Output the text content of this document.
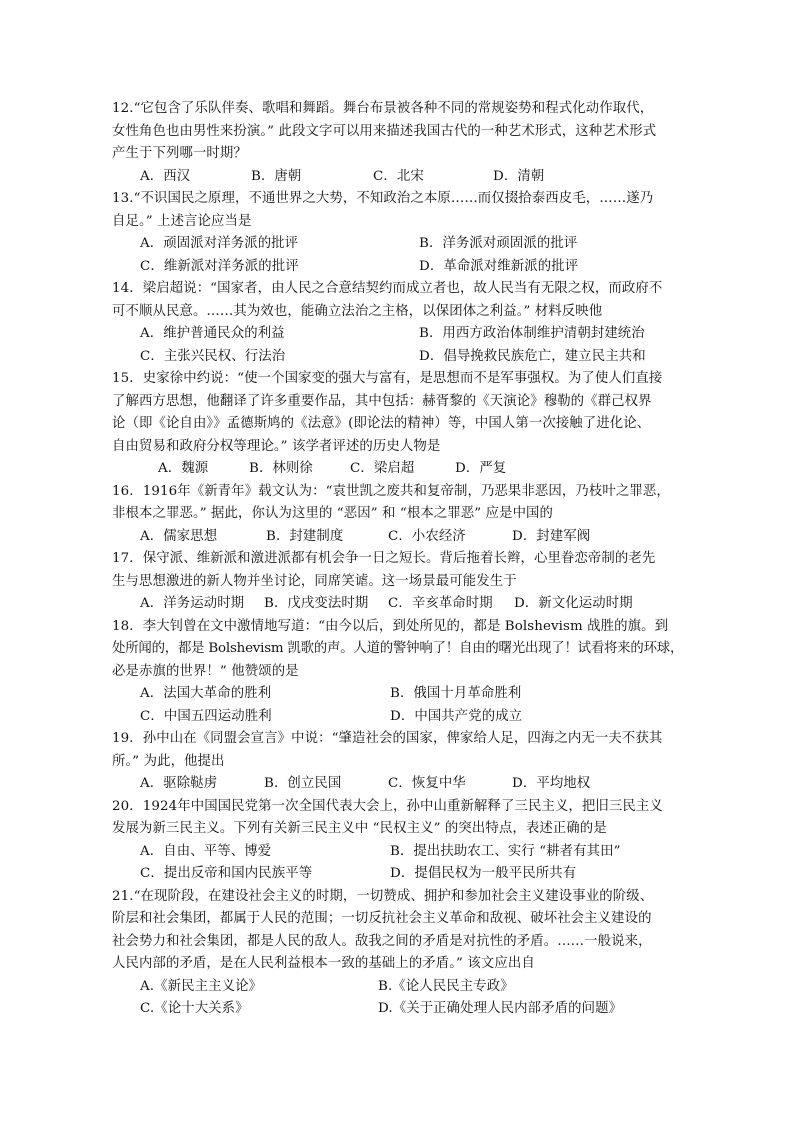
12.“它包含了乐队伴奏、歌唱和舞蹈。舞台布景被各种不同的常规姿势和程式化动作取代，
女性角色也由男性来扮演。” 此段文字可以用来描述我国古代的一种艺术形式，这种艺术形式
产生于下列哪一时期？
A．西汉	B．唐朝	C．北宋	D．清朝
13.“不识国民之原理，不通世界之大势，不知政治之本原……而仅掇拾泰西皮毛，……遂乃
自足。” 上述言论应当是
A．顽固派对洋务派的批评	B．洋务派对顽固派的批评
C．维新派对洋务派的批评	D．革命派对维新派的批评
14．梁启超说：“国家者，由人民之合意结契约而成立者也，故人民当有无限之权，而政府不
可不顺从民意。……其为效也，能确立法治之主格，以保团体之利益。” 材料反映他
A．维护普通民众的利益	B．用西方政治体制维护清朝封建统治
C．主张兴民权、行法治	D．倡导挽救民族危亡，建立民主共和
15．史家徐中约说：“使一个国家变的强大与富有，是思想而不是军事强权。为了使人们直接
了解西方思想，他翻译了许多重要作品，其中包括：赫胥黎的《天演论》穆勒的《群己权界
论（即《论自由》》孟德斯鸠的《法意》(即论法的精神）等，中国人第一次接触了进化论、
自由贸易和政府分权等理论。” 该学者评述的历史人物是
A．魏源	B．林则徐	C．梁启超	D．严复
16．1916年《新青年》载文认为：“袁世凯之废共和复帝制，乃恶果非恶因，乃枝叶之罪恶，
非根本之罪恶。” 据此，你认为这里的 “恶因” 和 “根本之罪恶” 应是中国的
A．儒家思想	B．封建制度	C．小农经济	D．封建军阀
17．保守派、维新派和激进派都有机会争一日之短长。背后拖着长辫，心里眷恋帝制的老先
生与思想激进的新人物并坐讨论，同席笑谑。这一场景最可能发生于
A．洋务运动时期	B．戊戌变法时期	C．辛亥革命时期	D．新文化运动时期
18．李大钊曾在文中激情地写道：“由今以后，到处所见的，都是 Bolshevism 战胜的旗。到
处所闻的，都是 Bolshevism 凯歌的声。人道的警钟响了！自由的曙光出现了！试看将来的环球，
必是赤旗的世界！” 他赞颂的是
A．法国大革命的胜利	B．俄国十月革命胜利
C．中国五四运动胜利	D．中国共产党的成立
19．孙中山在《同盟会宣言》中说：“肇造社会的国家，俾家给人足，四海之内无一夫不获其
所。” 为此，他提出
A．驱除鞑虏	B．创立民国	C．恢复中华	D．平均地权
20．1924年中国国民党第一次全国代表大会上，孙中山重新解释了三民主义，把旧三民主义
发展为新三民主义。下列有关新三民主义中 “民权主义” 的突出特点，表述正确的是
A．自由、平等、博爱	B．提出扶助农工、实行 “耕者有其田”
C．提出反帝和国内民族平等	D．提倡民权为一般平民所共有
21.“在现阶段，在建设社会主义的时期，一切赞成、拥护和参加社会主义建设事业的阶级、
阶层和社会集团，都属于人民的范围；一切反抗社会主义革命和敌视、破坏社会主义建设的
社会势力和社会集团，都是人民的敌人。敌我之间的矛盾是对抗性的矛盾。……一般说来，
人民内部的矛盾，是在人民利益根本一致的基础上的矛盾。” 该文应出自
A.《新民主主义论》	B.《论人民民主专政》
C.《论十大关系》	D.《关于正确处理人民内部矛盾的问题》
